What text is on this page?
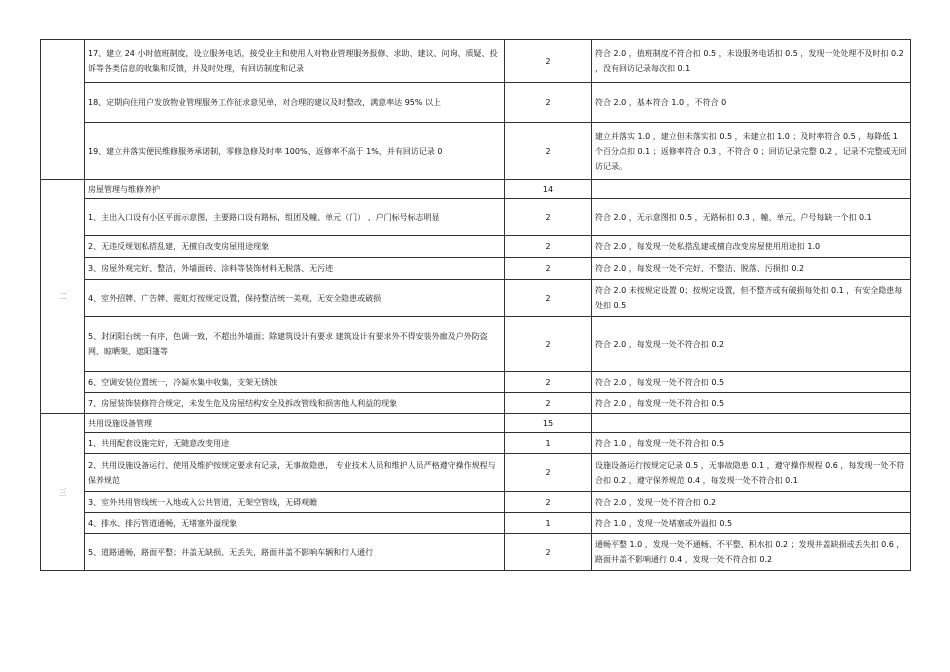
	17、建立 24 小时值班制度，设立服务电话，接受业主和使用人对物业管理服务报修、求助、建议、问询、质疑、投诉等各类信息的收集和反馈，并及时处理，有回访制度和记录	2	符合 2.0 ，值班制度不符合扣 0.5 ，未设服务电话扣 0.5 ，发现一处处理不及时扣 0.2 ，没有回访记录每次扣 0.1
	18、定期向住用户发放物业管理服务工作征求意见单，对合理的建议及时整改，满意率达 95% 以上	2	符合 2.0 ，基本符合 1.0 ，不符合 0
	19、建立并落实便民维修服务承诺制，零修急修及时率 100%、返修率不高于 1%，并有回访记录 0	2	建立并落实 1.0 ，建立但未落实扣 0.5 ，未建立扣 1.0 ；及时率符合 0.5 ，每降低 1 个百分点扣 0.1 ；返修率符合 0.3 ，不符合 0 ；回访记录完整 0.2 ，记录不完整或无回访记录。
二	房屋管理与维修养护	14	
	1、主出入口设有小区平面示意图，主要路口设有路标，组团及幢、单元（门） 、户门标号标志明显	2	符合 2.0 ，无示意图扣 0.5 ，无路标扣 0.3 ，幢、单元、户号每缺一个扣 0.1
	2、无违反规划私搭乱建，无擅自改变房屋用途现象	2	符合 2.0 ，每发现一处私搭乱建或擅自改变房屋使用用途扣 1.0
	3、房屋外观完好、整洁，外墙面砖、涂料等装饰材料无脱落、无污迹	2	符合 2.0 ，每发现一处不完好、不整洁、脱落、污损扣 0.2
	4、室外招牌、广告牌、霓虹灯按规定设置，保持整洁统一美观，无安全隐患或破损	2	符合 2.0 未按规定设置 0；按规定设置，但不整齐或有破损每处扣 0.1 ，有安全隐患每处扣 0.5
	5、封闭阳台统一有序，色调一致，不超出外墙面；除建筑设计有要求 建筑设计有要求外不得安装外廊及户外防盗网、晾晒架、遮阳篷等	2	符合 2.0 ，每发现一处不符合扣 0.2
	6、空调安装位置统一，冷凝水集中收集，支架无锈蚀	2	符合 2.0 ，每发现一处不符合扣 0.5
	7、房屋装饰装修符合规定，未发生危及房屋结构安全及拆改管线和损害他人利益的现象	2	符合 2.0 ，每发现一处不符合扣 0.5
三	共用设施设备管理	15	
	1、共用配套设施完好，无随意改变用途	1	符合 1.0 ，每发现一处不符合扣 0.5
	2、共用设施设备运行、使用及维护按规定要求有记录，无事故隐患， 专业技术人员和维护人员严格遵守操作规程与保养规范	2	设施设备运行按规定记录 0.5 ，无事故隐患 0.1 ，遵守操作规程 0.6 ，每发现一处不符合扣 0.2 ，遵守保养规范 0.4 ，每发现一处不符合扣 0.1
	3、室外共用管线统一入地或入公共管道，无架空管线，无碍观瞻	2	符合 2.0 ，发现一处不符合扣 0.2
	4、排水、排污管道通畅，无堵塞外溢现象	1	符合 1.0 ，发现一处堵塞或外溢扣 0.5
	5、道路通畅，路面平整；井盖无缺损、无丢失，路面井盖不影响车辆和行人通行	2	通畅平整 1.0 ，发现一处不通畅、不平整、积水扣 0.2 ；发现井盖缺损或丢失扣 0.6 ，路面井盖不影响通行 0.4 ，发现一处不符合扣 0.2
